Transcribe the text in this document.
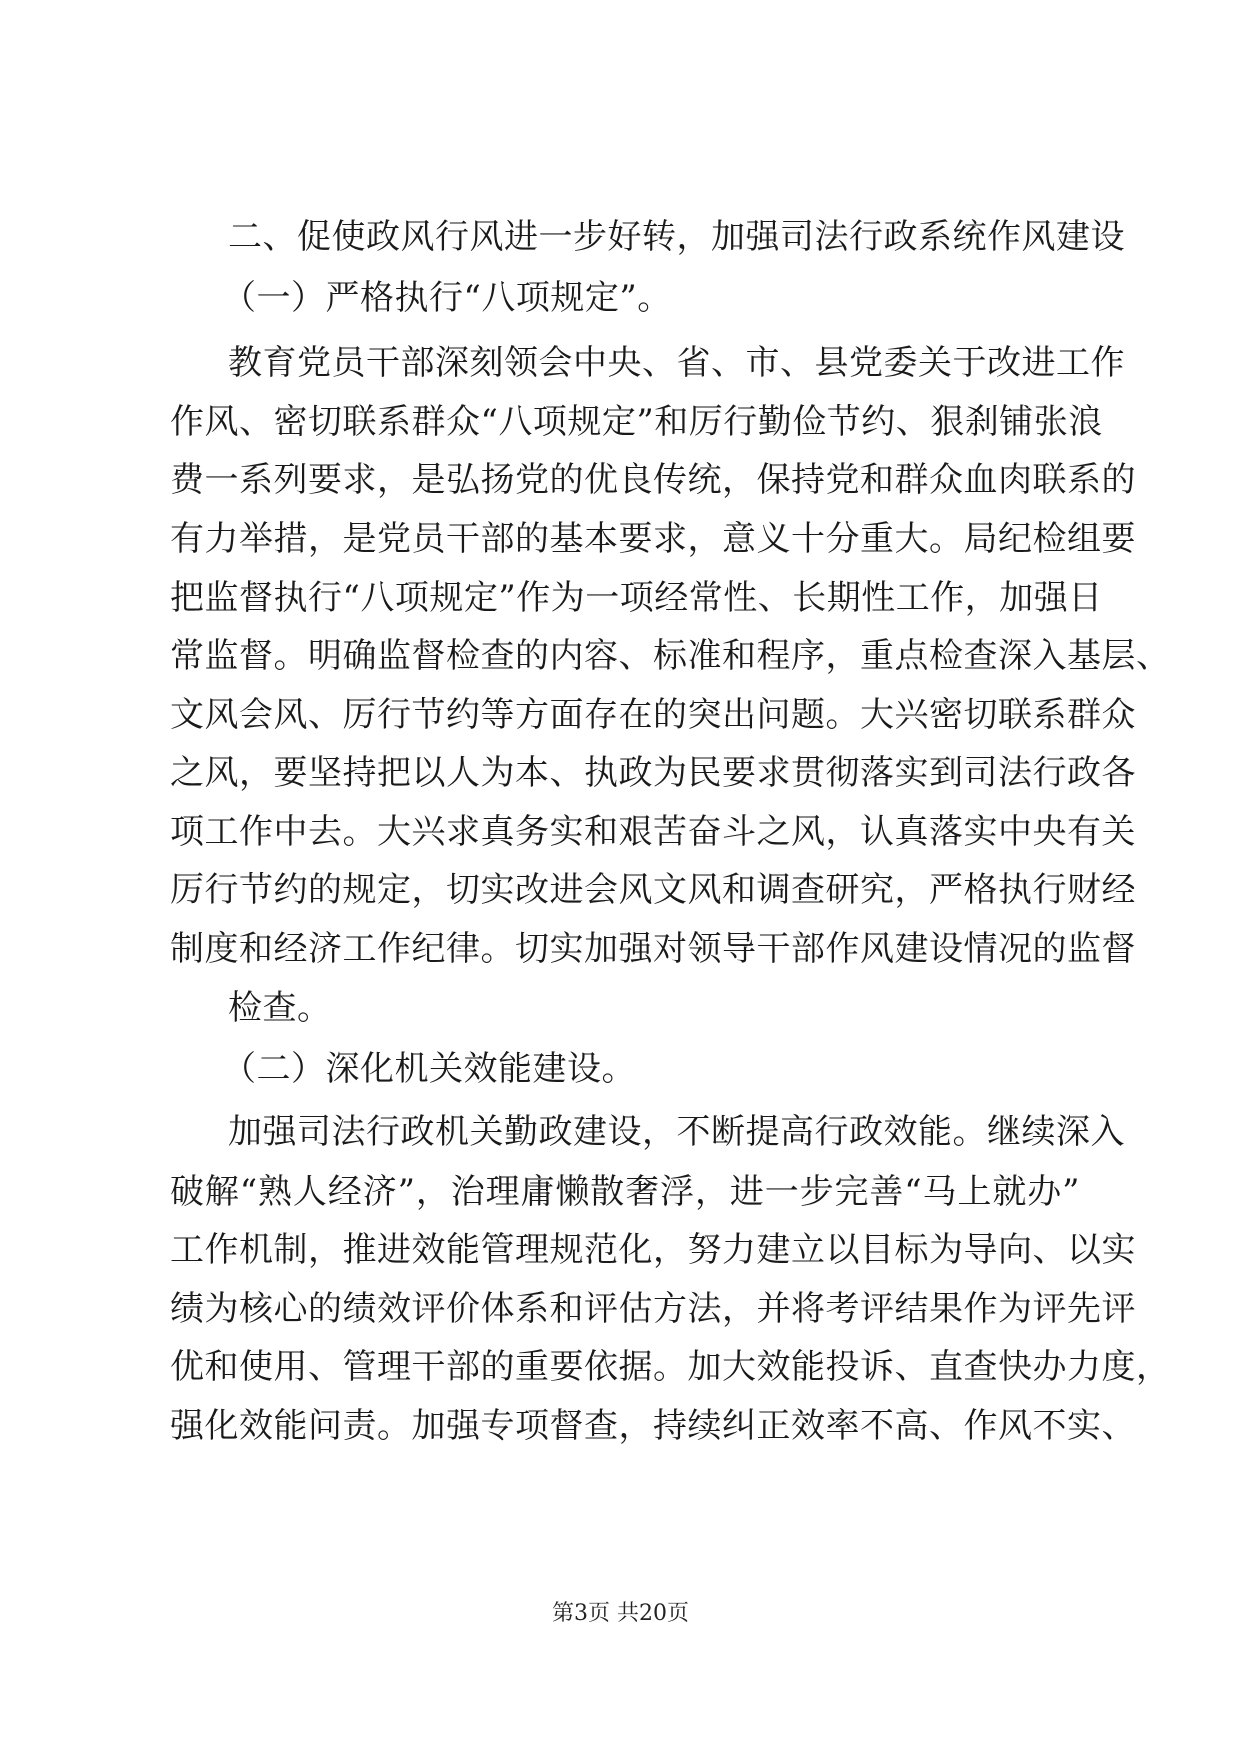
二、促使政风行风进一步好转，加强司法行政系统作风建设

（一）严格执行“八项规定”。

教育党员干部深刻领会中央、省、市、县党委关于改进工作

作风、密切联系群众“八项规定”和厉行勤俭节约、狠刹铺张浪

费一系列要求，是弘扬党的优良传统，保持党和群众血肉联系的

有力举措，是党员干部的基本要求，意义十分重大。局纪检组要

把监督执行“八项规定”作为一项经常性、长期性工作，加强日

常监督。明确监督检查的内容、标准和程序，重点检查深入基层、

文风会风、厉行节约等方面存在的突出问题。大兴密切联系群众

之风，要坚持把以人为本、执政为民要求贯彻落实到司法行政各

项工作中去。大兴求真务实和艰苦奋斗之风，认真落实中央有关

厉行节约的规定，切实改进会风文风和调查研究，严格执行财经

制度和经济工作纪律。切实加强对领导干部作风建设情况的监督

检查。

（二）深化机关效能建设。

加强司法行政机关勤政建设，不断提高行政效能。继续深入

破解“熟人经济”，治理庸懒散奢浮，进一步完善“马上就办”

工作机制，推进效能管理规范化，努力建立以目标为导向、以实

绩为核心的绩效评价体系和评估方法，并将考评结果作为评先评

优和使用、管理干部的重要依据。加大效能投诉、直查快办力度，

强化效能问责。加强专项督查，持续纠正效率不高、作风不实、

第3页 共20页
